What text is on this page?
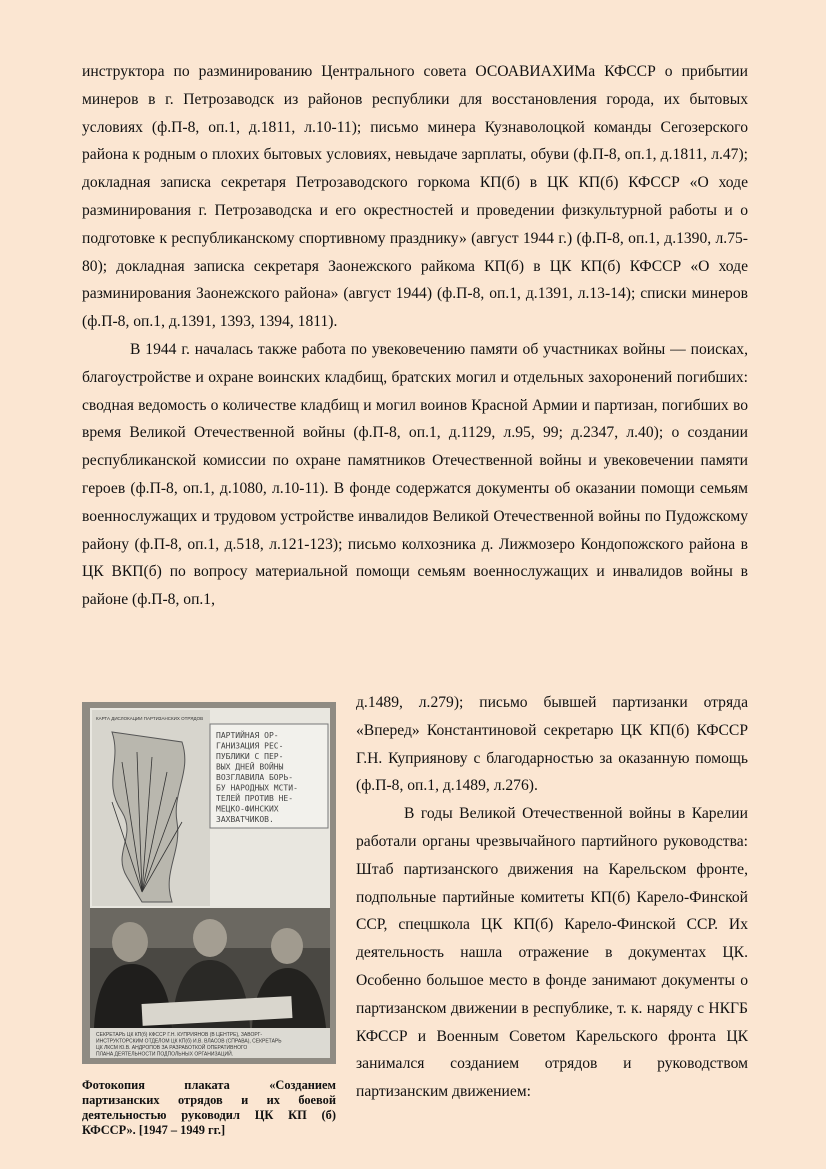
инструктора по разминированию Центрального совета ОСОАВИАХИМа КФССР о прибытии минеров в г. Петрозаводск из районов республики для восстановления города, их бытовых условиях (ф.П-8, оп.1, д.1811, л.10-11); письмо минера Кузнаволоцкой команды Сегозерского района к родным о плохих бытовых условиях, невыдаче зарплаты, обуви (ф.П-8, оп.1, д.1811, л.47); докладная записка секретаря Петрозаводского горкома КП(б) в ЦК КП(б) КФССР «О ходе разминирования г. Петрозаводска и его окрестностей и проведении физкультурной работы и о подготовке к республиканскому спортивному празднику» (август 1944 г.) (ф.П-8, оп.1, д.1390, л.75-80); докладная записка секретаря Заонежского райкома КП(б) в ЦК КП(б) КФССР «О ходе разминирования Заонежского района» (август 1944) (ф.П-8, оп.1, д.1391, л.13-14); списки минеров (ф.П-8, оп.1, д.1391, 1393, 1394, 1811).

В 1944 г. началась также работа по увековечению памяти об участниках войны — поисках, благоустройстве и охране воинских кладбищ, братских могил и отдельных захоронений погибших: сводная ведомость о количестве кладбищ и могил воинов Красной Армии и партизан, погибших во время Великой Отечественной войны (ф.П-8, оп.1, д.1129, л.95, 99; д.2347, л.40); о создании республиканской комиссии по охране памятников Отечественной войны и увековечении памяти героев (ф.П-8, оп.1, д.1080, л.10-11). В фонде содержатся документы об оказании помощи семьям военнослужащих и трудовом устройстве инвалидов Великой Отечественной войны по Пудожскому району (ф.П-8, оп.1, д.518, л.121-123); письмо колхозника д. Лижмозеро Кондопожского района в ЦК ВКП(б) по вопросу материальной помощи семьям военнослужащих и инвалидов войны в районе (ф.П-8, оп.1,

КАРТА ДИСЛОКАЦИИ ПАРТИЗАНСКИХ ОТРЯДОВ
ПАРТИЙНАЯ ОР-
ГАНИЗАЦИЯ РЕС-
ПУБЛИКИ С ПЕР-
ВЫХ ДНЕЙ ВОЙНЫ
ВОЗГЛАВИЛА БОРЬ-
БУ НАРОДНЫХ МСТИ-
ТЕЛЕЙ ПРОТИВ НЕ-
МЕЦКО-ФИНСКИХ
ЗАХВАТЧИКОВ.
СЕКРЕТАРЬ ЦК КП(б) КФССР Г.Н. КУПРИЯНОВ (В ЦЕНТРЕ), ЗАВОРГ-
ИНСТРУКТОРСКИМ ОТДЕЛОМ ЦК КП(б) И.В. ВЛАСОВ (СПРАВА), СЕКРЕТАРЬ
ЦК ЛКСМ Ю.В. АНДРОПОВ ЗА РАЗРАБОТКОЙ ОПЕРАТИВНОГО
ПЛАНА ДЕЯТЕЛЬНОСТИ ПОДПОЛЬНЫХ ОРГАНИЗАЦИЙ.
Фотокопия плаката «Созданием партизанских отрядов и их боевой деятельностью руководил ЦК КП (б) КФССР». [1947 – 1949 гг.]

д.1489, л.279); письмо бывшей партизанки отряда «Вперед» Константиновой секретарю ЦК КП(б) КФССР Г.Н. Куприянову с благодарностью за оказанную помощь (ф.П-8, оп.1, д.1489, л.276).

В годы Великой Отечественной войны в Карелии работали органы чрезвычайного партийного руководства: Штаб партизанского движения на Карельском фронте, подпольные партийные комитеты КП(б) Карело-Финской ССР, спецшкола ЦК КП(б) Карело-Финской ССР. Их деятельность нашла отражение в документах ЦК. Особенно большое место в фонде занимают документы о партизанском движении в республике, т. к. наряду с НКГБ КФССР и Военным Советом Карельского фронта ЦК занимался созданием отрядов и руководством партизанским движением:
